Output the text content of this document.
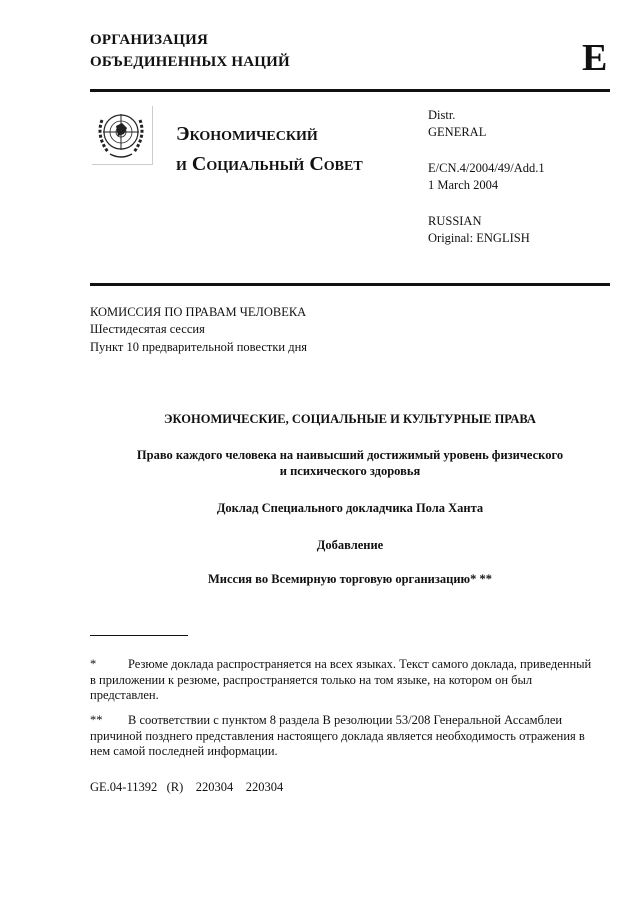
ОРГАНИЗАЦИЯ
ОБЪЕДИНЕННЫХ НАЦИЙ	E
Экономический
и Социальный Совет
Distr.
GENERAL
E/CN.4/2004/49/Add.1
1 March 2004
RUSSIAN
Original: ENGLISH
КОМИССИЯ ПО ПРАВАМ ЧЕЛОВЕКА
Шестидесятая сессия
Пункт 10 предварительной повестки дня
ЭКОНОМИЧЕСКИЕ, СОЦИАЛЬНЫЕ И КУЛЬТУРНЫЕ ПРАВА
Право каждого человека на наивысший достижимый уровень физического
и психического здоровья
Доклад Специального докладчика Пола Ханта
Добавление
Миссия во Всемирную торговую организацию* **
*	Резюме доклада распространяется на всех языках. Текст самого доклада, приведенный в приложении к резюме, распространяется только на том языке, на котором он был представлен.
** В соответствии с пунктом 8 раздела B резолюции 53/208 Генеральной Ассамблеи причиной позднего представления настоящего доклада является необходимость отражения в нем самой последней информации.
GE.04-11392   (R)    220304    220304
